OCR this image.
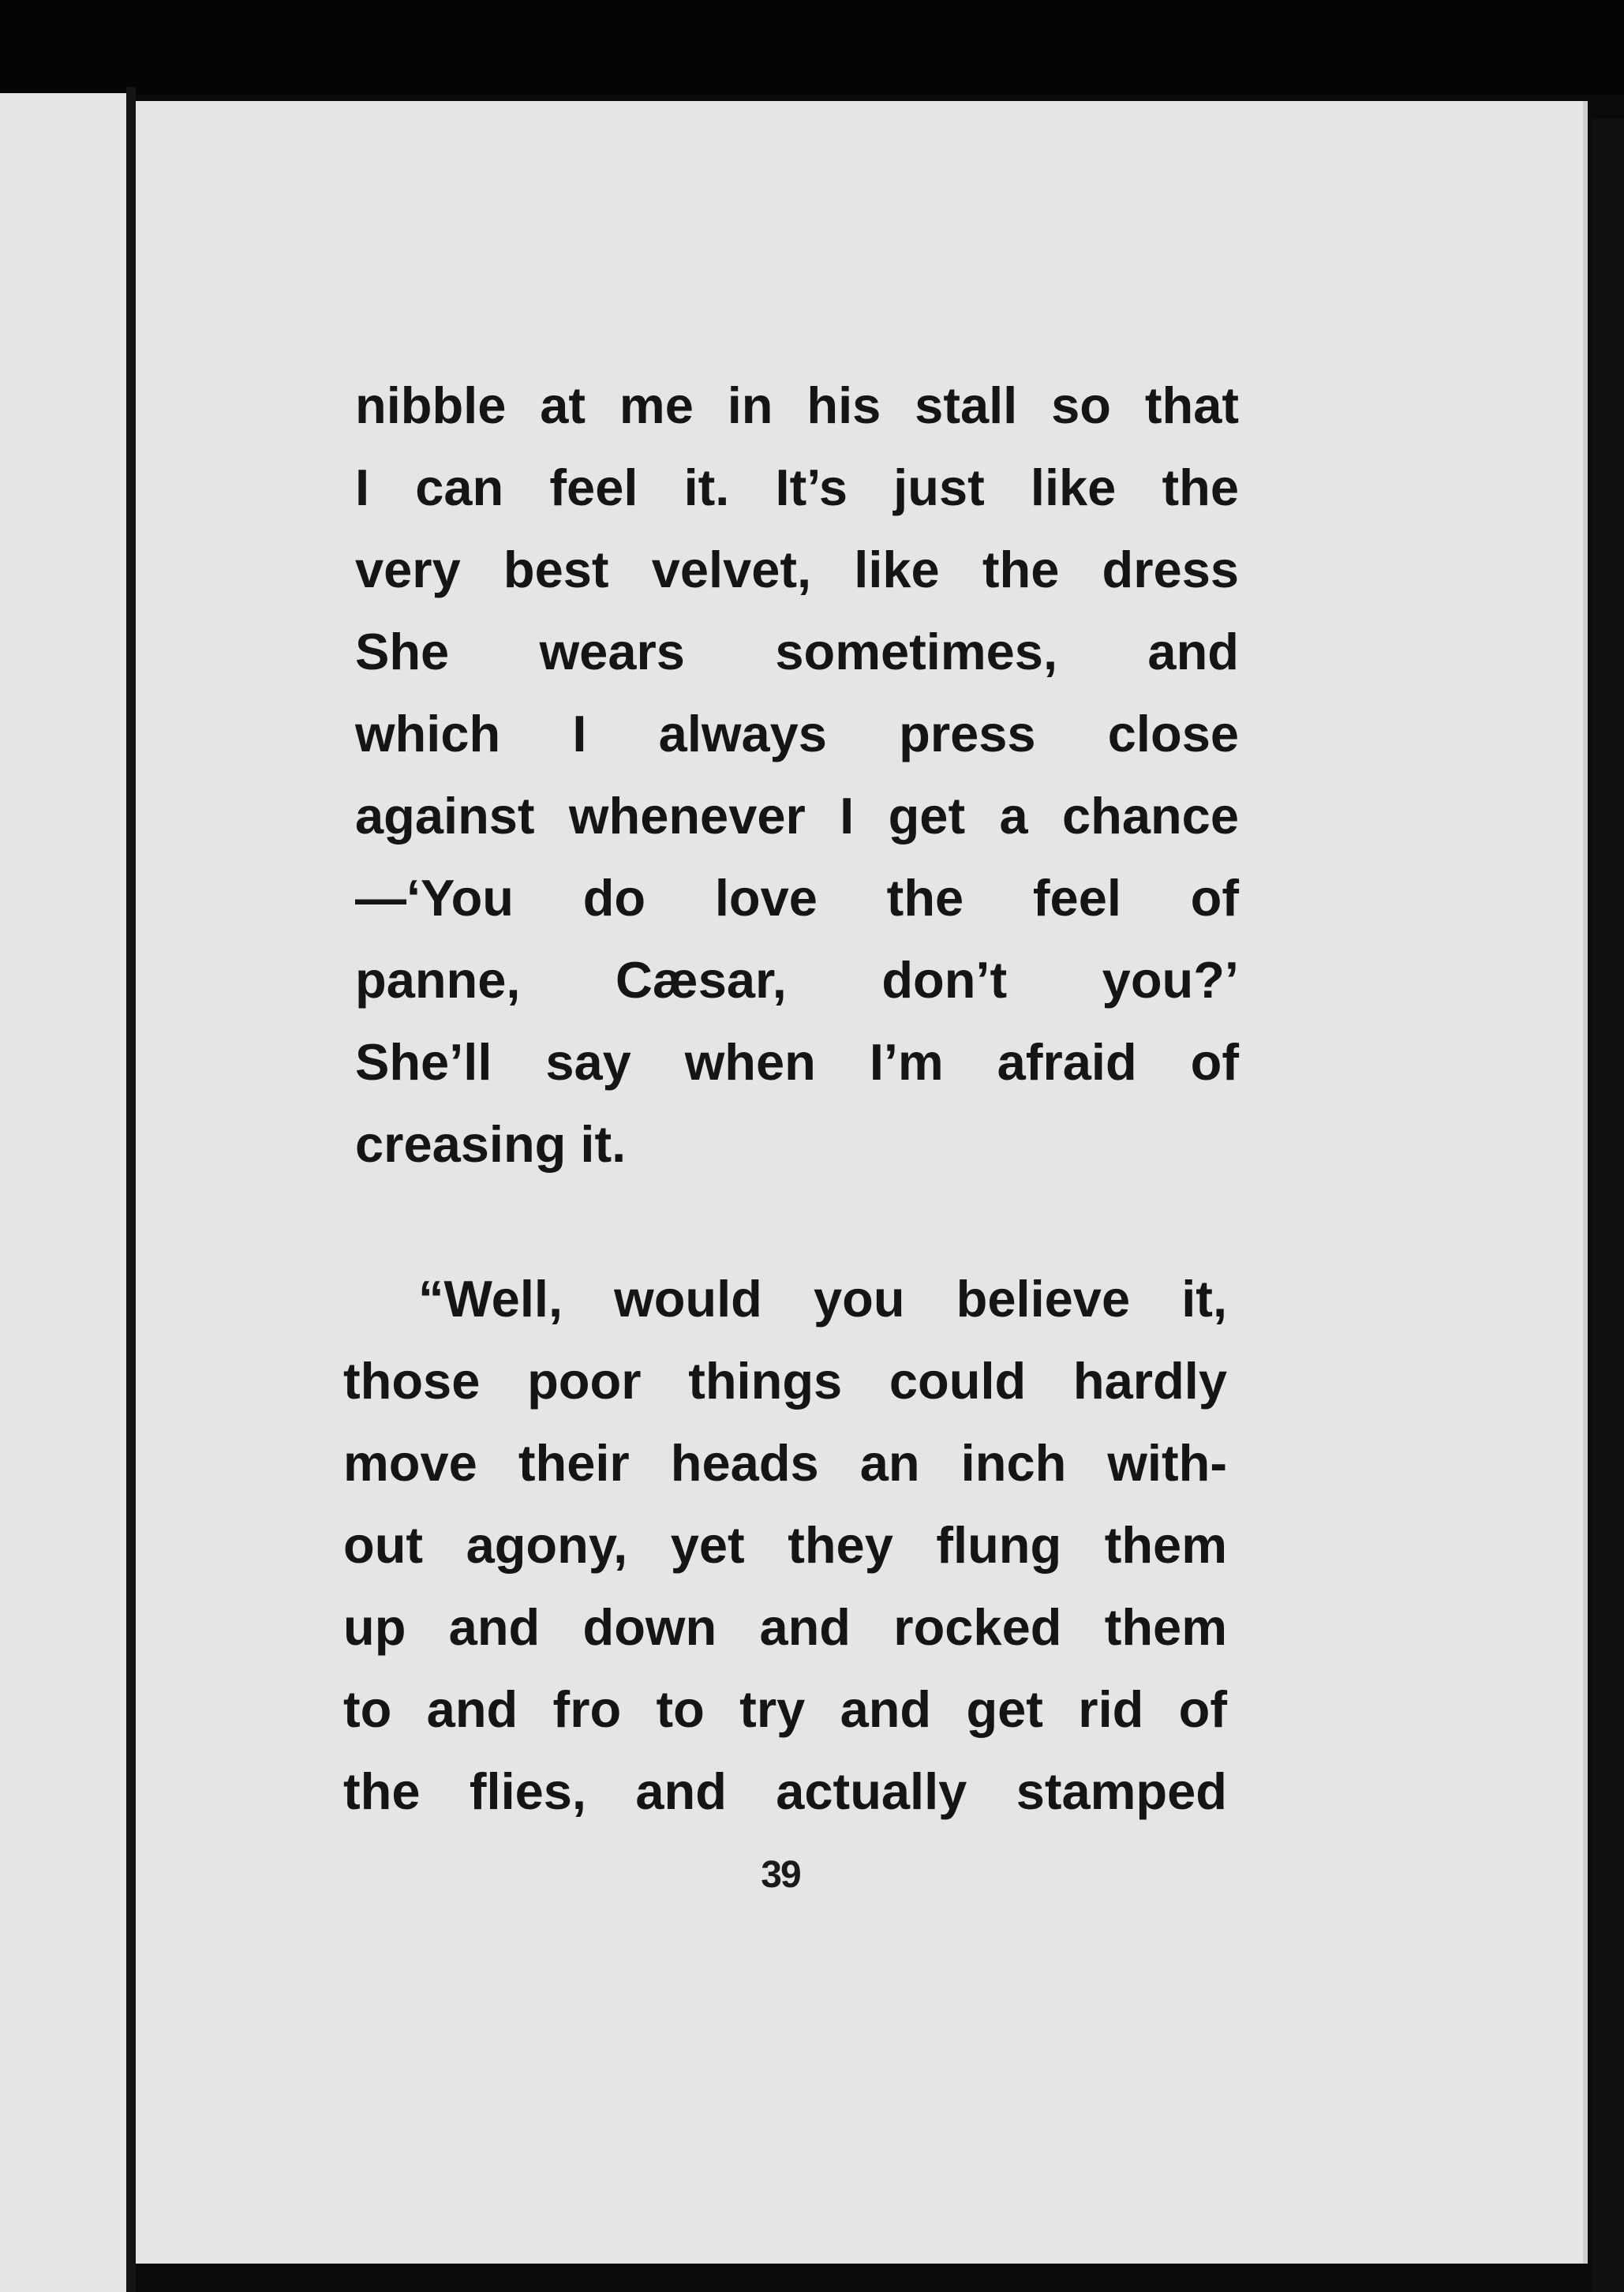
nibble at me in his stall so that
I can feel it. It’s just like the
very best velvet, like the dress
She wears sometimes, and
which I always press close
against whenever I get a chance
—‘You do love the feel of
panne, Cæsar, don’t you?’
She’ll say when I’m afraid of
creasing it.
“Well, would you believe it,
those poor things could hardly
move their heads an inch with-
out agony, yet they flung them
up and down and rocked them
to and fro to try and get rid of
the flies, and actually stamped
39
